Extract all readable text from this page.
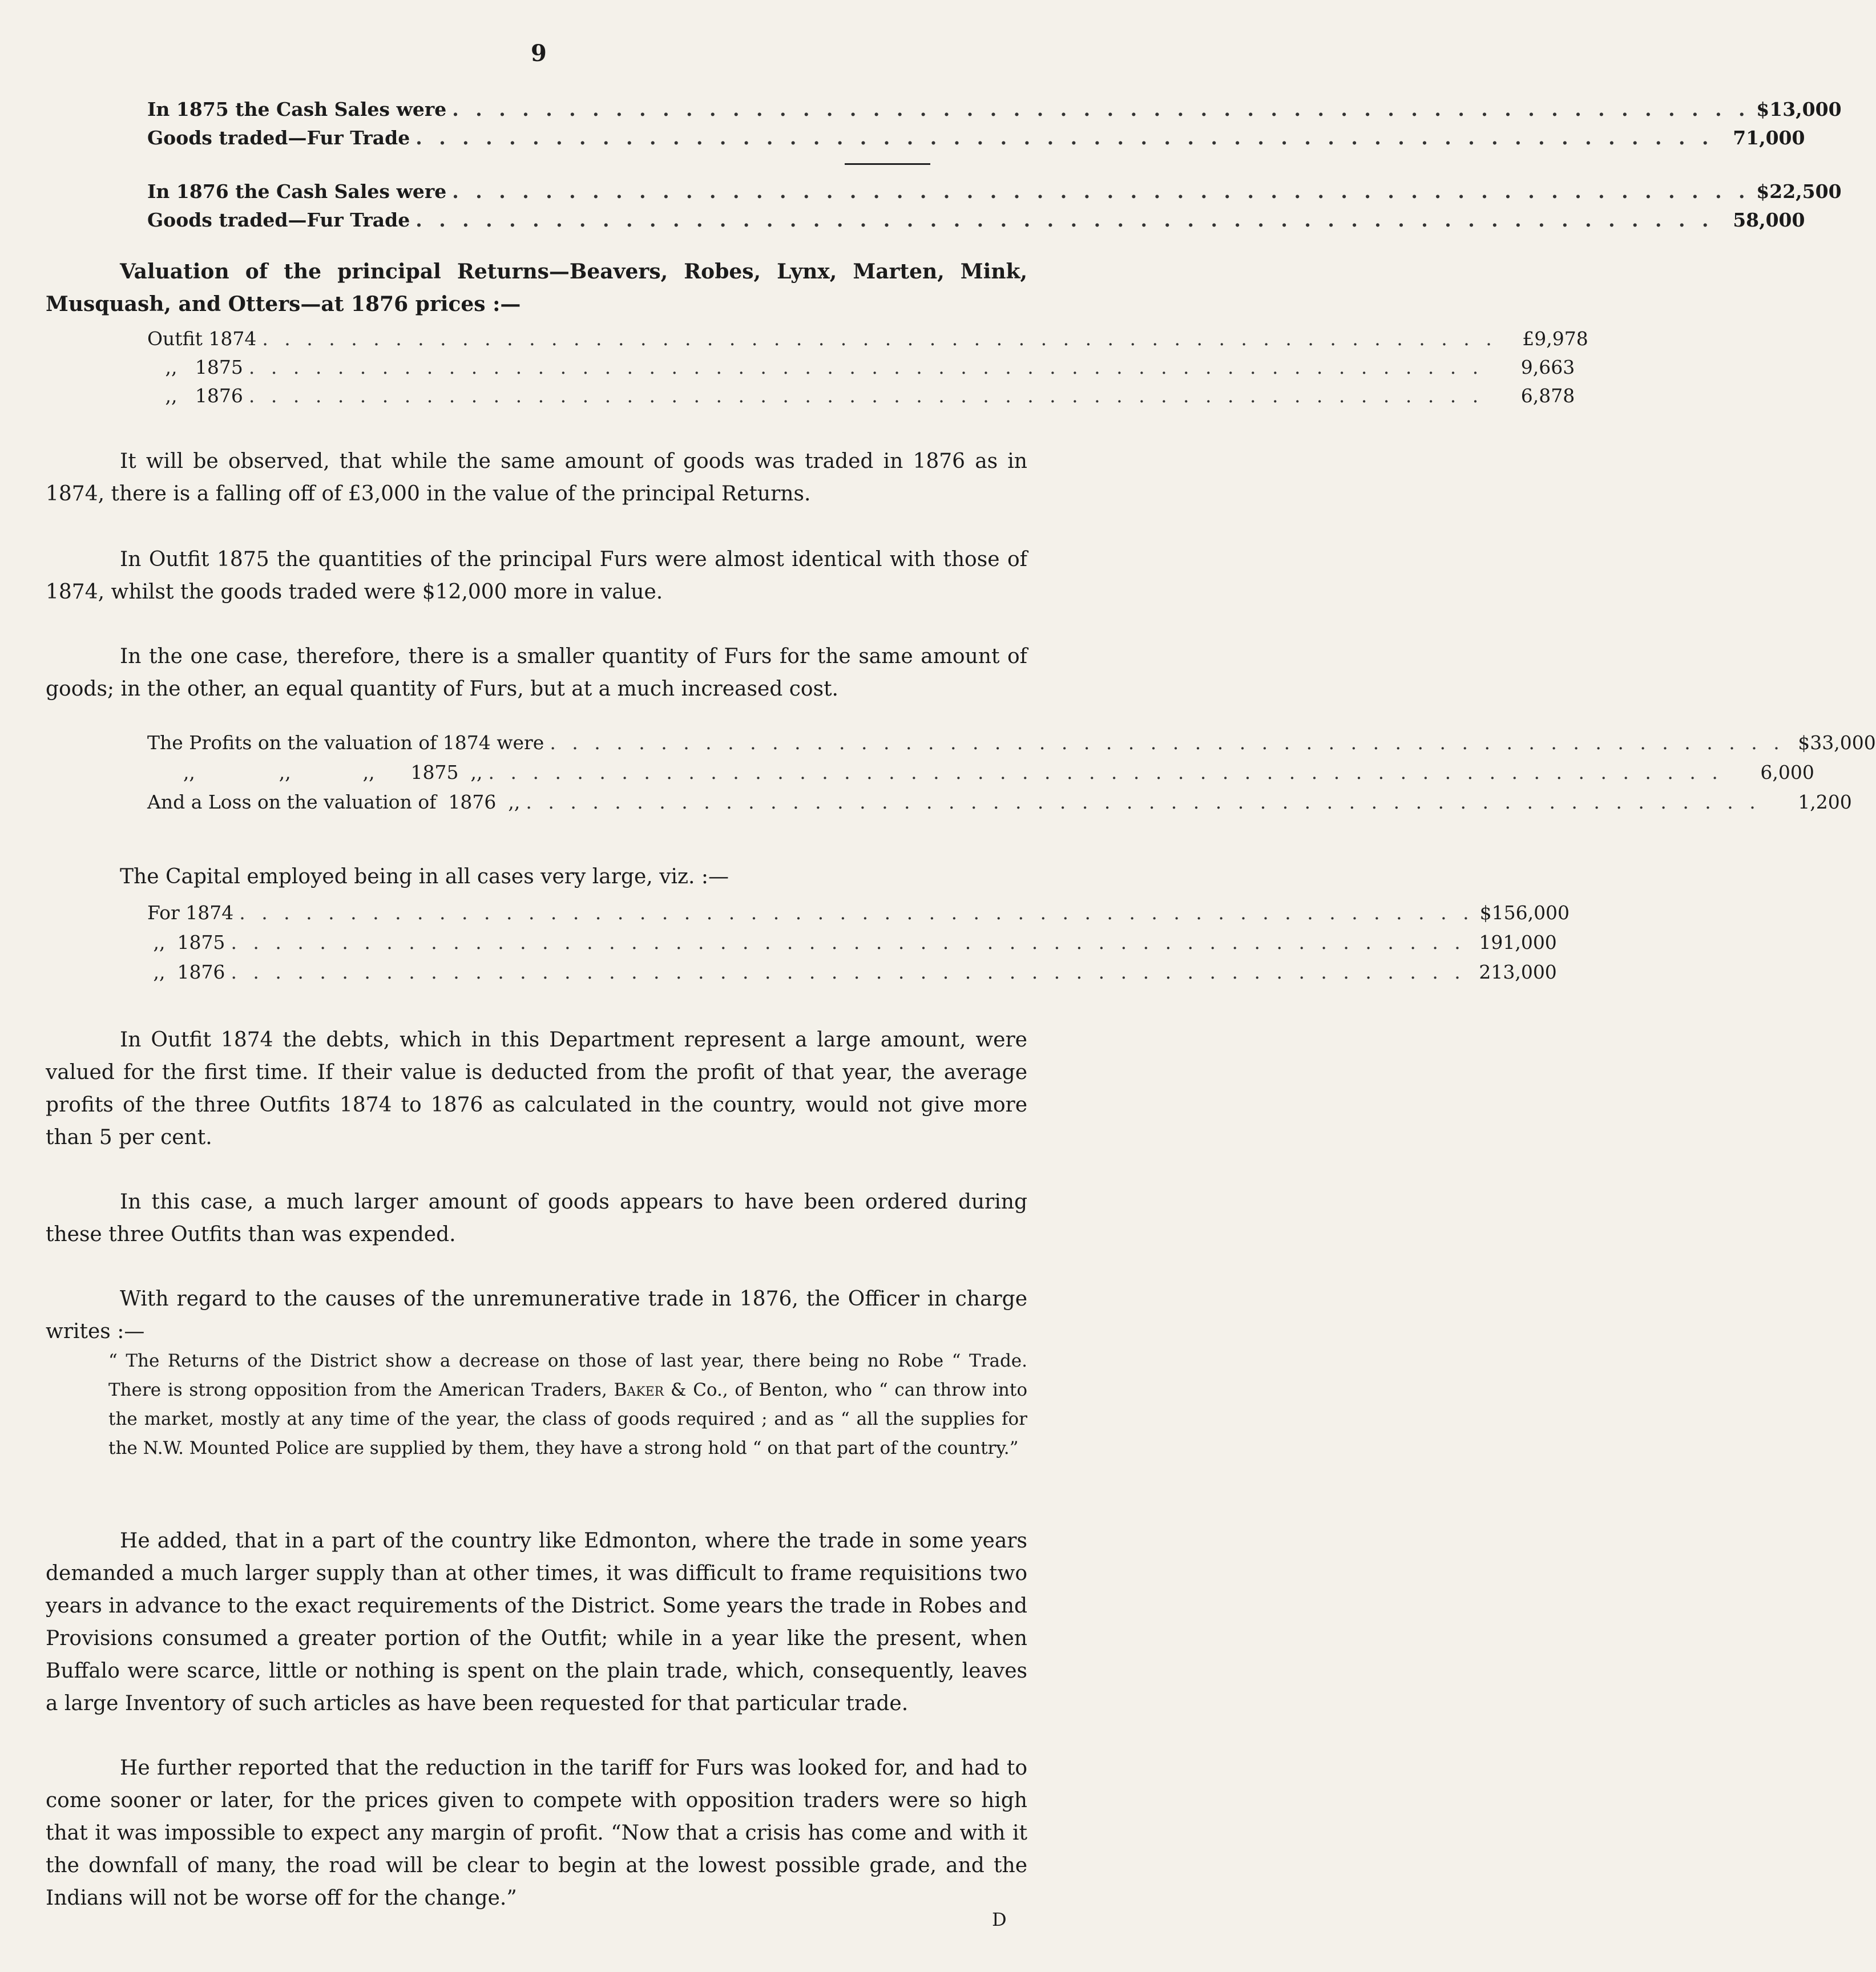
9
In 1875 the Cash Sales were . . . . . . . . . . . . . . . . . . . . . . . . . . . . . . . . . . . . . . . . . . . . . . . . . . . . . . . . $13,000
Goods traded—Fur Trade . . . . . . . . . . . . . . . . . . . . . . . . . . . . . . . . . . . . . . . . . . . . . . . . . . . . . . . .	71,000
In 1876 the Cash Sales were . . . . . . . . . . . . . . . . . . . . . . . . . . . . . . . . . . . . . . . . . . . . . . . . . . . . . . . . $22,500
Goods traded—Fur Trade . . . . . . . . . . . . . . . . . . . . . . . . . . . . . . . . . . . . . . . . . . . . . . . . . . . . . . . .	58,000

Valuation of the principal Returns—Beavers, Robes, Lynx, Marten, Mink, Musquash, and Otters—at 1876 prices :—

Outfit 1874 . . . . . . . . . . . . . . . . . . . . . . . . . . . . . . . . . . . . . . . . . . . . . . . . . . . . . . . .	£9,978
,,   1875 . . . . . . . . . . . . . . . . . . . . . . . . . . . . . . . . . . . . . . . . . . . . . . . . . . . . . . . .	9,663
,,   1876 . . . . . . . . . . . . . . . . . . . . . . . . . . . . . . . . . . . . . . . . . . . . . . . . . . . . . . . .	6,878

It will be observed, that while the same amount of goods was traded in 1876 as in 1874, there is a falling off of £3,000 in the value of the principal Returns.

In Outfit 1875 the quantities of the principal Furs were almost identical with those of 1874, whilst the goods traded were $12,000 more in value.

In the one case, therefore, there is a smaller quantity of Furs for the same amount of goods; in the other, an equal quantity of Furs, but at a much increased cost.

The Profits on the valuation of 1874 were . . . . . . . . . . . . . . . . . . . . . . . . . . . . . . . . . . . . . . . . . . . . . . . . . . . . . . . . $33,000
,,              ,,            ,,      1875  ,, . . . . . . . . . . . . . . . . . . . . . . . . . . . . . . . . . . . . . . . . . . . . . . . . . . . . . . . .	6,000
And a Loss on the valuation of  1876  ,, . . . . . . . . . . . . . . . . . . . . . . . . . . . . . . . . . . . . . . . . . . . . . . . . . . . . . . . .	1,200

The Capital employed being in all cases very large, viz. :—

For 1874 . . . . . . . . . . . . . . . . . . . . . . . . . . . . . . . . . . . . . . . . . . . . . . . . . . . . . . . . $156,000
,,  1875 . . . . . . . . . . . . . . . . . . . . . . . . . . . . . . . . . . . . . . . . . . . . . . . . . . . . . . . . 191,000
,,  1876 . . . . . . . . . . . . . . . . . . . . . . . . . . . . . . . . . . . . . . . . . . . . . . . . . . . . . . . . 213,000

In Outfit 1874 the debts, which in this Department represent a large amount, were valued for the first time. If their value is deducted from the profit of that year, the average profits of the three Outfits 1874 to 1876 as calculated in the country, would not give more than 5 per cent.

In this case, a much larger amount of goods appears to have been ordered during these three Outfits than was expended.

With regard to the causes of the unremunerative trade in 1876, the Officer in charge writes :—

“ The Returns of the District show a decrease on those of last year, there being no Robe “ Trade. There is strong opposition from the American Traders, Baker & Co., of Benton, who “ can throw into the market, mostly at any time of the year, the class of goods required ; and as “ all the supplies for the N.W. Mounted Police are supplied by them, they have a strong hold “ on that part of the country.”

He added, that in a part of the country like Edmonton, where the trade in some years demanded a much larger supply than at other times, it was difficult to frame requisitions two years in advance to the exact requirements of the District. Some years the trade in Robes and Provisions consumed a greater portion of the Outfit; while in a year like the present, when Buffalo were scarce, little or nothing is spent on the plain trade, which, consequently, leaves a large Inventory of such articles as have been requested for that particular trade.

He further reported that the reduction in the tariff for Furs was looked for, and had to come sooner or later, for the prices given to compete with opposition traders were so high that it was impossible to expect any margin of profit. “Now that a crisis has come and with it the downfall of many, the road will be clear to begin at the lowest possible grade, and the Indians will not be worse off for the change.”

D
